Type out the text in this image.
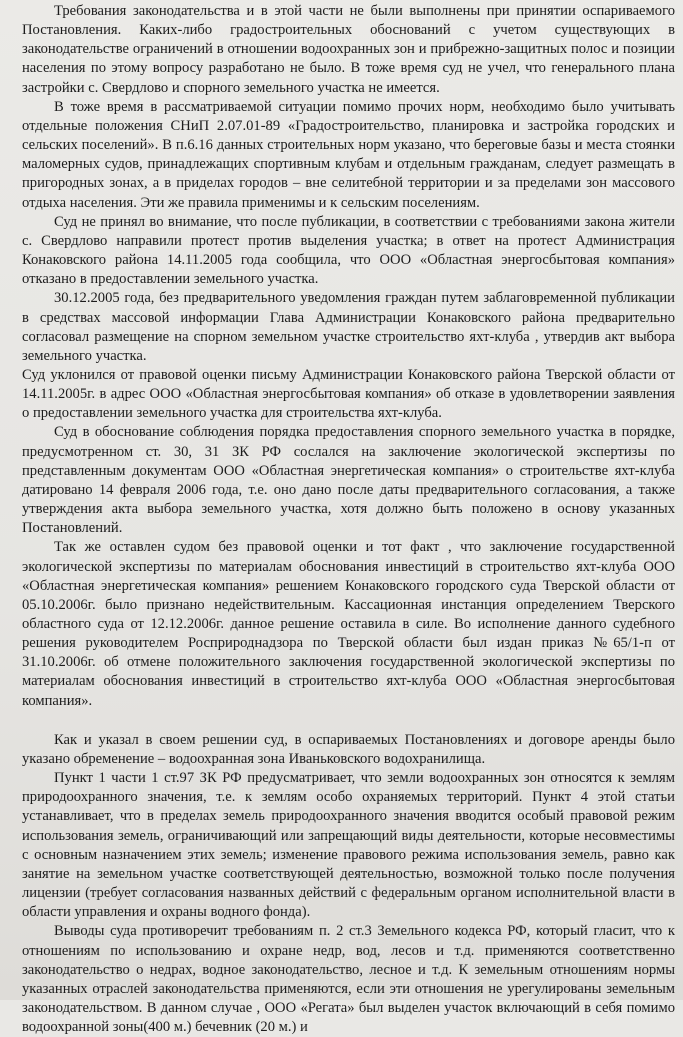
Требования законодательства и в этой части не были выполнены при принятии оспариваемого Постановления. Каких-либо градостроительных обоснований с учетом существующих в законодательстве ограничений в отношении водоохранных зон и прибрежно-защитных полос и позиции населения по этому вопросу разработано не было. В тоже время суд не учел, что генерального плана застройки с. Свердлово и спорного земельного участка не имеется.

В тоже время в рассматриваемой ситуации помимо прочих норм, необходимо было учитывать отдельные положения СНиП 2.07.01-89 «Градостроительство, планировка и застройка городских и сельских поселений». В п.6.16 данных строительных норм указано, что береговые базы и места стоянки маломерных судов, принадлежащих спортивным клубам и отдельным гражданам, следует размещать в пригородных зонах, а в приделах городов – вне селитебной территории и за пределами зон массового отдыха населения. Эти же правила применимы и к сельским поселениям.

Суд не принял во внимание, что после публикации, в соответствии с требованиями закона жители с. Свердлово направили протест против выделения участка; в ответ на протест Администрация Конаковского района 14.11.2005 года сообщила, что ООО «Областная энергосбытовая компания» отказано в предоставлении земельного участка.

30.12.2005 года, без предварительного уведомления граждан путем заблаговременной публикации в средствах массовой информации Глава Администрации Конаковского района предварительно согласовал размещение на спорном земельном участке строительство яхт-клуба , утвердив акт выбора земельного участка.

Суд уклонился от правовой оценки письму Администрации Конаковского района Тверской области от 14.11.2005г. в адрес ООО «Областная энергосбытовая компания» об отказе в удовлетворении заявления о предоставлении земельного участка для строительства яхт-клуба.

Суд в обоснование соблюдения порядка предоставления спорного земельного участка в порядке, предусмотренном ст. 30, 31 ЗК РФ сослался на заключение экологической экспертизы по представленным документам ООО «Областная энергетическая компания» о строительстве яхт-клуба датировано 14 февраля 2006 года, т.е. оно дано после даты предварительного согласования, а также утверждения акта выбора земельного участка, хотя должно быть положено в основу указанных Постановлений.

Так же оставлен судом без правовой оценки и тот факт , что заключение государственной экологической экспертизы по материалам обоснования инвестиций в строительство яхт-клуба ООО «Областная энергетическая компания» решением Конаковского городского суда Тверской области от 05.10.2006г. было признано недействительным. Кассационная инстанция определением Тверского областного суда от 12.12.2006г. данное решение оставила в силе. Во исполнение данного судебного решения руководителем Росприроднадзора по Тверской области был издан приказ №65/1-п от 31.10.2006г. об отмене положительного заключения государственной экологической экспертизы по материалам обоснования инвестиций в строительство яхт-клуба ООО «Областная энергосбытовая компания».

Как и указал в своем решении суд, в оспариваемых Постановлениях и договоре аренды было указано обременение – водоохранная зона Иваньковского водохранилища.

Пункт 1 части 1 ст.97 ЗК РФ предусматривает, что земли водоохранных зон относятся к землям природоохранного значения, т.е. к землям особо охраняемых территорий. Пункт 4 этой статьи устанавливает, что в пределах земель природоохранного значения вводится особый правовой режим использования земель, ограничивающий или запрещающий виды деятельности, которые несовместимы с основным назначением этих земель; изменение правового режима использования земель, равно как занятие на земельном участке соответствующей деятельностью, возможной только после получения лицензии (требует согласования названных действий с федеральным органом исполнительной власти в области управления и охраны водного фонда).

Выводы суда противоречит требованиям п. 2 ст.3 Земельного кодекса РФ, который гласит, что к отношениям по использованию и охране недр, вод, лесов и т.д. применяются соответственно законодательство о недрах, водное законодательство, лесное и т.д. К земельным отношениям нормы указанных отраслей законодательства применяются, если эти отношения не урегулированы земельным законодательством. В данном случае , ООО «Регата» был выделен участок включающий в себя помимо водоохранной зоны(400 м.) бечевник (20 м.) и
